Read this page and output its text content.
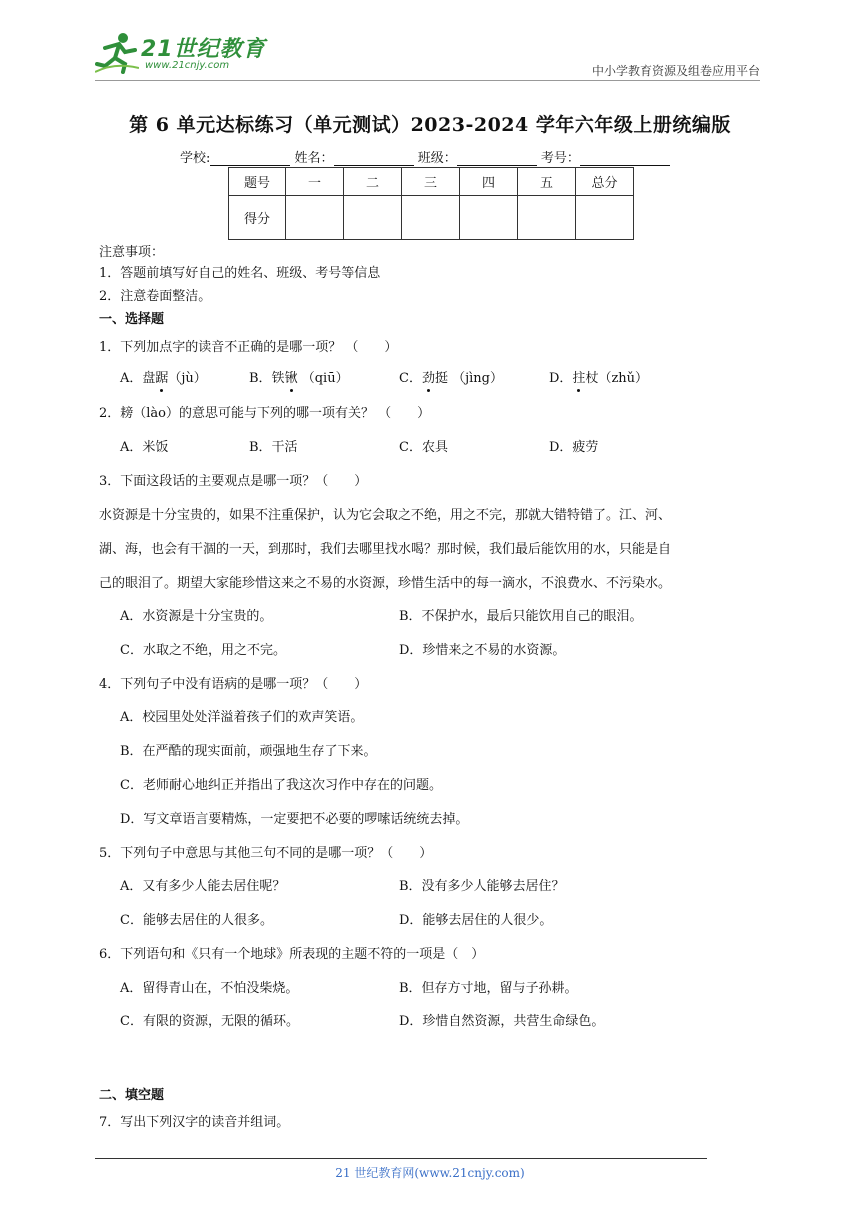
21世纪教育
www.21cnjy.com	中小学教育资源及组卷应用平台
第 6 单元达标练习（单元测试）2023-2024 学年六年级上册统编版
学校:	姓名：	班级：	考号：
题号	一	二	三	四	五	总分
得分						
注意事项：
1．答题前填写好自己的姓名、班级、考号等信息
2．注意卷面整洁。
一、选择题
1．下列加点字的读音不正确的是哪一项？ （　　）
A．盘踞（jù）	B．铁锹 （qiū）	C．劲挺 （jìng）	D．拄杖（zhǔ）
2．耪（lào）的意思可能与下列的哪一项有关？ （　　）
A．米饭	B．干活	C．农具	D．疲劳
3．下面这段话的主要观点是哪一项？（　　）
水资源是十分宝贵的，如果不注重保护，认为它会取之不绝，用之不完，那就大错特错了。江、河、
湖、海，也会有干涸的一天，到那时，我们去哪里找水喝？那时候，我们最后能饮用的水，只能是自
己的眼泪了。期望大家能珍惜这来之不易的水资源，珍惜生活中的每一滴水，不浪费水、不污染水。
A．水资源是十分宝贵的。	B．不保护水，最后只能饮用自己的眼泪。
C．水取之不绝，用之不完。	D．珍惜来之不易的水资源。
4．下列句子中没有语病的是哪一项？（　　）
A．校园里处处洋溢着孩子们的欢声笑语。
B．在严酷的现实面前，顽强地生存了下来。
C．老师耐心地纠正并指出了我这次习作中存在的问题。
D．写文章语言要精炼，一定要把不必要的啰嗦话统统去掉。
5．下列句子中意思与其他三句不同的是哪一项？（　　）
A．又有多少人能去居住呢？	B．没有多少人能够去居住？
C．能够去居住的人很多。	D．能够去居住的人很少。
6．下列语句和《只有一个地球》所表现的主题不符的一项是（　）
A．留得青山在，不怕没柴烧。	B．但存方寸地，留与子孙耕。
C．有限的资源，无限的循环。	D．珍惜自然资源，共营生命绿色。
二、填空题
7．写出下列汉字的读音并组词。
21 世纪教育网(www.21cnjy.com)
